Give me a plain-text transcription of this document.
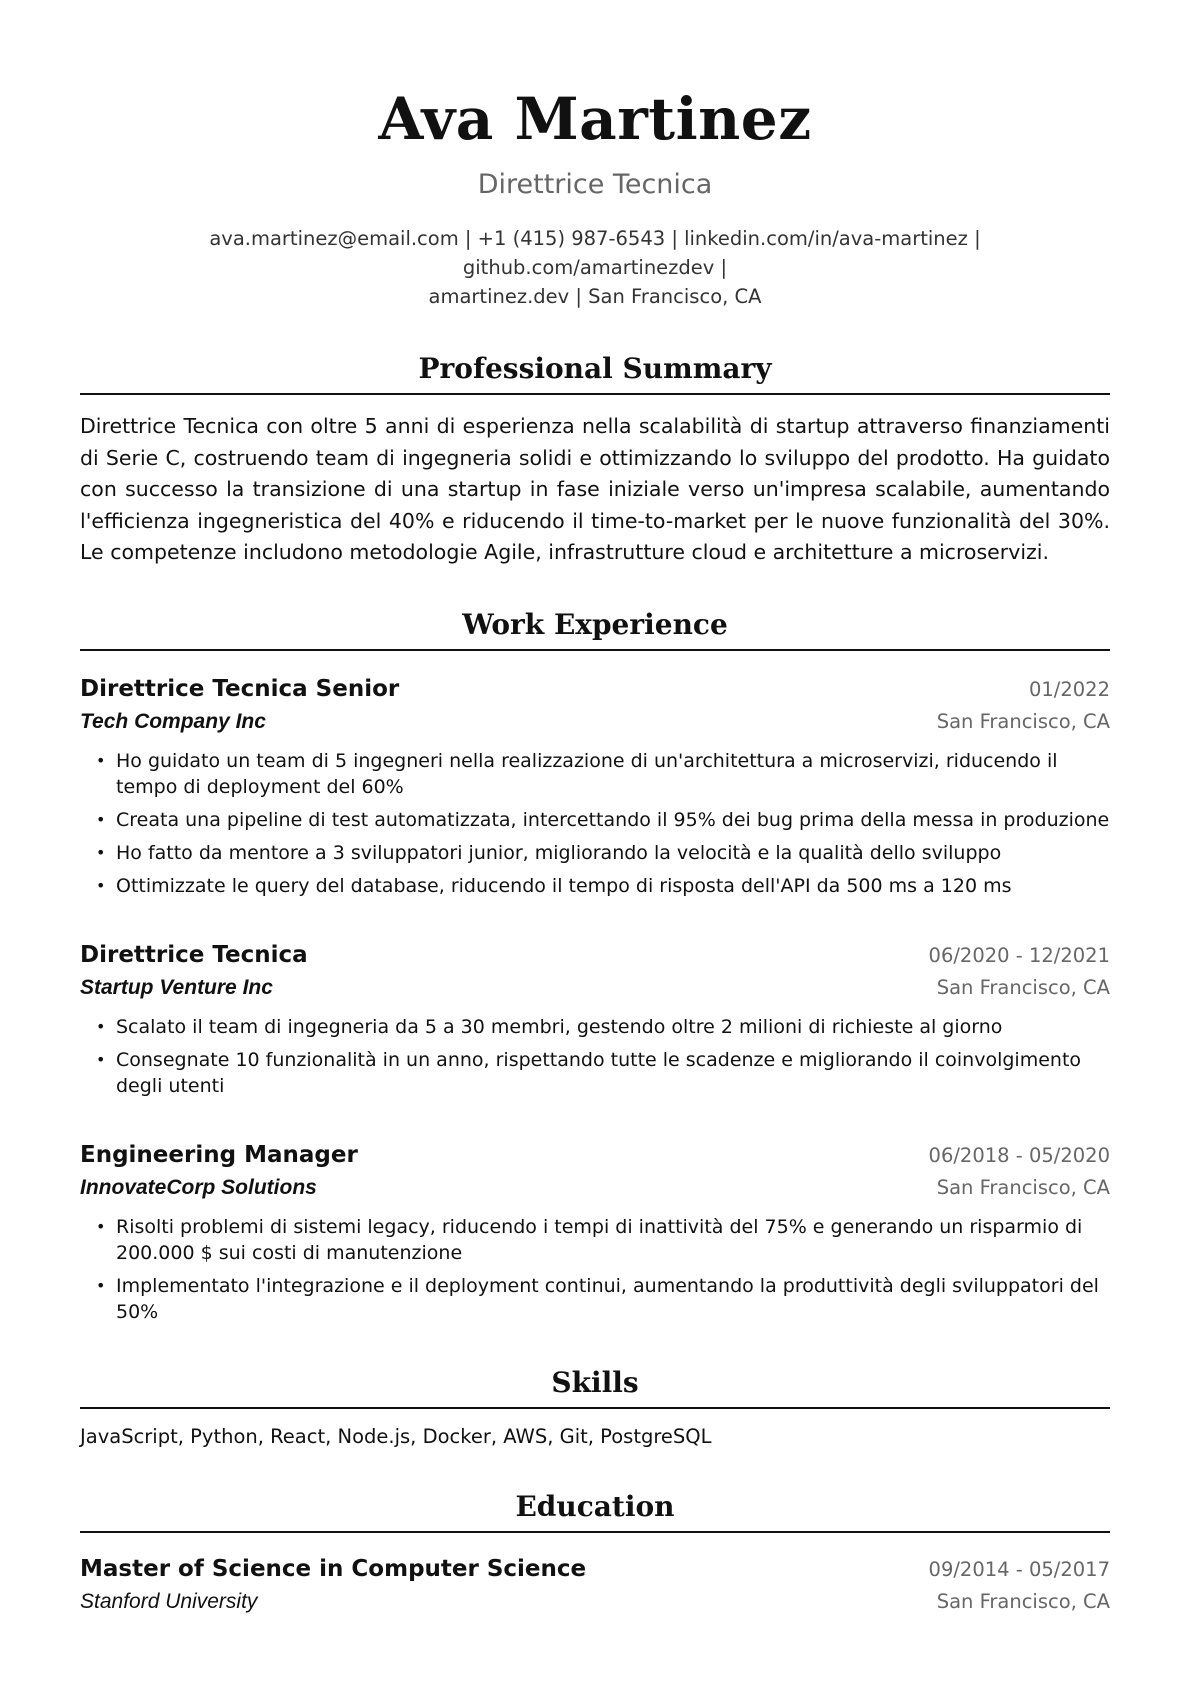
Ava Martinez
Direttrice Tecnica
ava.martinez@email.com | +1 (415) 987-6543 | linkedin.com/in/ava-martinez | github.com/amartinezdev |
amartinez.dev | San Francisco, CA
Professional Summary
Direttrice Tecnica con oltre 5 anni di esperienza nella scalabilità di startup attraverso finanziamenti di Serie C, costruendo team di ingegneria solidi e ottimizzando lo sviluppo del prodotto. Ha guidato con successo la transizione di una startup in fase iniziale verso un'impresa scalabile, aumentando l'efficienza ingegneristica del 40% e riducendo il time-to-market per le nuove funzionalità del 30%. Le competenze includono metodologie Agile, infrastrutture cloud e architetture a microservizi.
Work Experience
Direttrice Tecnica Senior	01/2022
Tech Company Inc	San Francisco, CA
• Ho guidato un team di 5 ingegneri nella realizzazione di un'architettura a microservizi, riducendo il tempo di deployment del 60%
• Creata una pipeline di test automatizzata, intercettando il 95% dei bug prima della messa in produzione
• Ho fatto da mentore a 3 sviluppatori junior, migliorando la velocità e la qualità dello sviluppo
• Ottimizzate le query del database, riducendo il tempo di risposta dell'API da 500 ms a 120 ms
Direttrice Tecnica	06/2020 - 12/2021
Startup Venture Inc	San Francisco, CA
• Scalato il team di ingegneria da 5 a 30 membri, gestendo oltre 2 milioni di richieste al giorno
• Consegnate 10 funzionalità in un anno, rispettando tutte le scadenze e migliorando il coinvolgimento degli utenti
Engineering Manager	06/2018 - 05/2020
InnovateCorp Solutions	San Francisco, CA
• Risolti problemi di sistemi legacy, riducendo i tempi di inattività del 75% e generando un risparmio di 200.000 $ sui costi di manutenzione
• Implementato l'integrazione e il deployment continui, aumentando la produttività degli sviluppatori del 50%
Skills
JavaScript, Python, React, Node.js, Docker, AWS, Git, PostgreSQL
Education
Master of Science in Computer Science	09/2014 - 05/2017
Stanford University	San Francisco, CA
